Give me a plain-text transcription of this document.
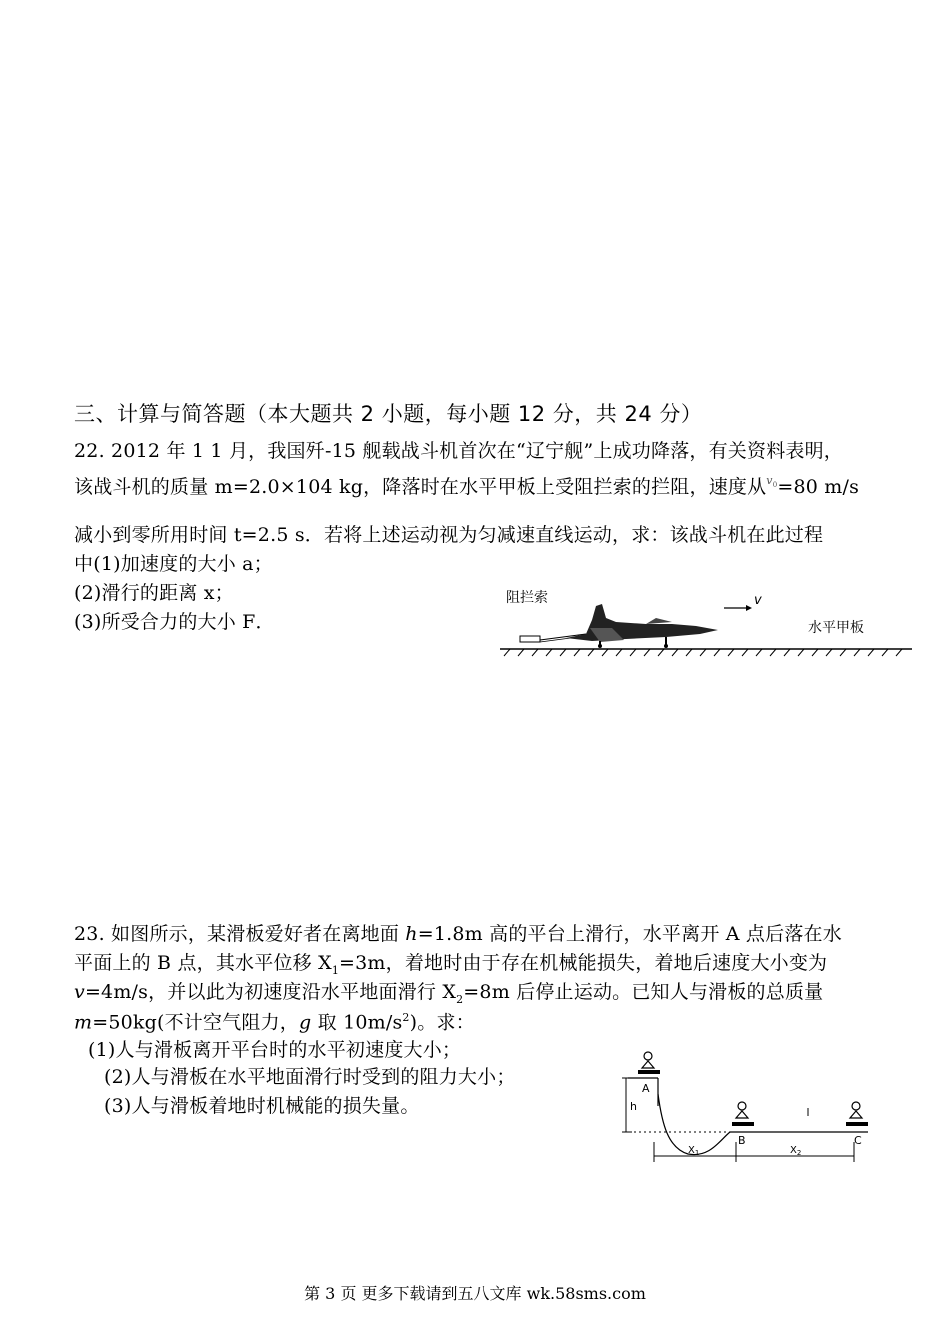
三、计算与简答题（本大题共 2 小题，每小题 12 分，共 24 分）
22. 2012 年 1 1 月，我国歼-15 舰载战斗机首次在“辽宁舰”上成功降落，有关资料表明，
该战斗机的质量 m=2.0×104 kg，降落时在水平甲板上受阻拦索的拦阻，速度从$^{v_0}$=80 m/s
减小到零所用时间 t=2.5 s．若将上述运动视为匀减速直线运动，求：该战斗机在此过程
中(1)加速度的大小 a；
(2)滑行的距离 x；
(3)所受合力的大小 F．
阻拦索	v
水平甲板
23. 如图所示，某滑板爱好者在离地面 h=1.8m 高的平台上滑行，水平离开 A 点后落在水
平面上的 B 点，其水平位移 $X_1=3m$，着地时由于存在机械能损失，着地后速度大小变为
v=4m/s，并以此为初速度沿水平地面滑行 $X_2=8m$ 后停止运动。已知人与滑板的总质量
m=50kg(不计空气阻力，g 取 $10m/s^2$)。求：
(1)人与滑板离开平台时的水平初速度大小；
(2)人与滑板在水平地面滑行时受到的阻力大小；
(3)人与滑板着地时机械能的损失量。
A
h
B	C
$X_1$	$X_2$
第 3 页 更多下载请到五八文库 wk.58sms.com
